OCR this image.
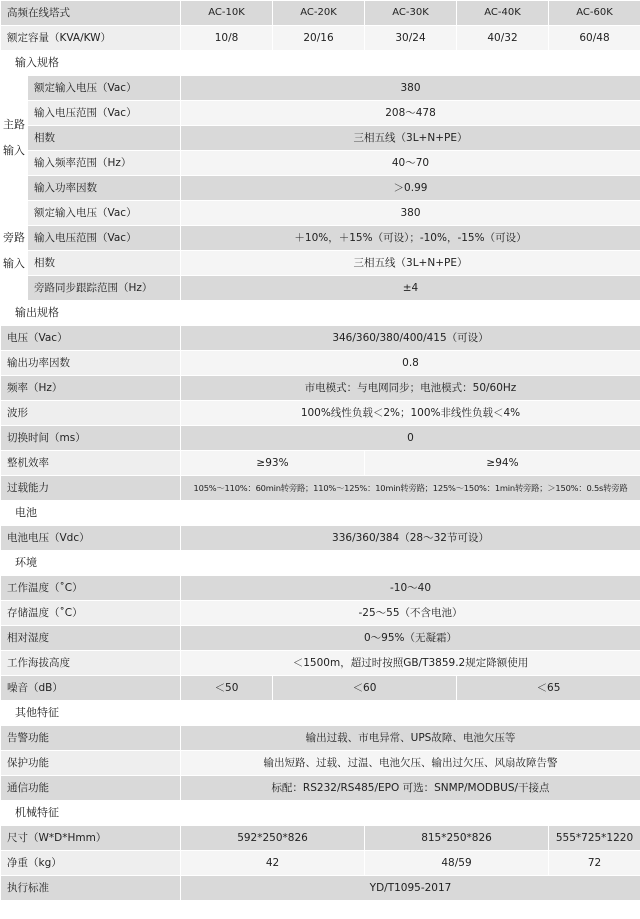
高频在线塔式		AC-10K	AC-20K	AC-30K	AC-40K	AC-60K
额定容量（KVA/KW）		10/8	20/16	30/24	40/32	60/48
输入规格						
主路输入	额定输入电压（Vac）	380				
	输入电压范围（Vac）	208～478				
	相数	三相五线（3L+N+PE）				
	输入频率范围（Hz）	40～70				
	输入功率因数	＞0.99				
旁路输入	额定输入电压（Vac）	380				
	输入电压范围（Vac）	＋10%，＋15%（可设）；-10%，-15%（可设）				
	相数	三相五线（3L+N+PE）				
	旁路同步跟踪范围（Hz）	±4				
输出规格						
电压（Vac）		346/360/380/400/415（可设）				
输出功率因数		0.8				
频率（Hz）		市电模式：与电网同步；电池模式：50/60Hz				
波形		100%线性负载＜2%；100%非线性负载＜4%				
切换时间（ms）		0				
整机效率		≥93%		≥94%		
过载能力		105%～110%：60min转旁路；110%～125%：10min转旁路；125%～150%：1min转旁路；＞150%：0.5s转旁路				
电池						
电池电压（Vdc）		336/360/384（28～32节可设）				
环境						
工作温度（˚C）		-10～40				
存储温度（˚C）		-25～55（不含电池）				
相对湿度		0～95%（无凝霜）				
工作海拔高度		＜1500m，超过时按照GB/T3859.2规定降额使用				
噪音（dB）		＜50	＜60		＜65	
其他特征						
告警功能		输出过载、市电异常、UPS故障、电池欠压等				
保护功能		输出短路、过载、过温、电池欠压、输出过欠压、风扇故障告警				
通信功能		标配：RS232/RS485/EPO 可选：SNMP/MODBUS/干接点				
机械特征						
尺寸（W*D*Hmm）		592*250*826		815*250*826		555*725*1220
净重（kg）		42		48/59		72
执行标准		YD/T1095-2017				
